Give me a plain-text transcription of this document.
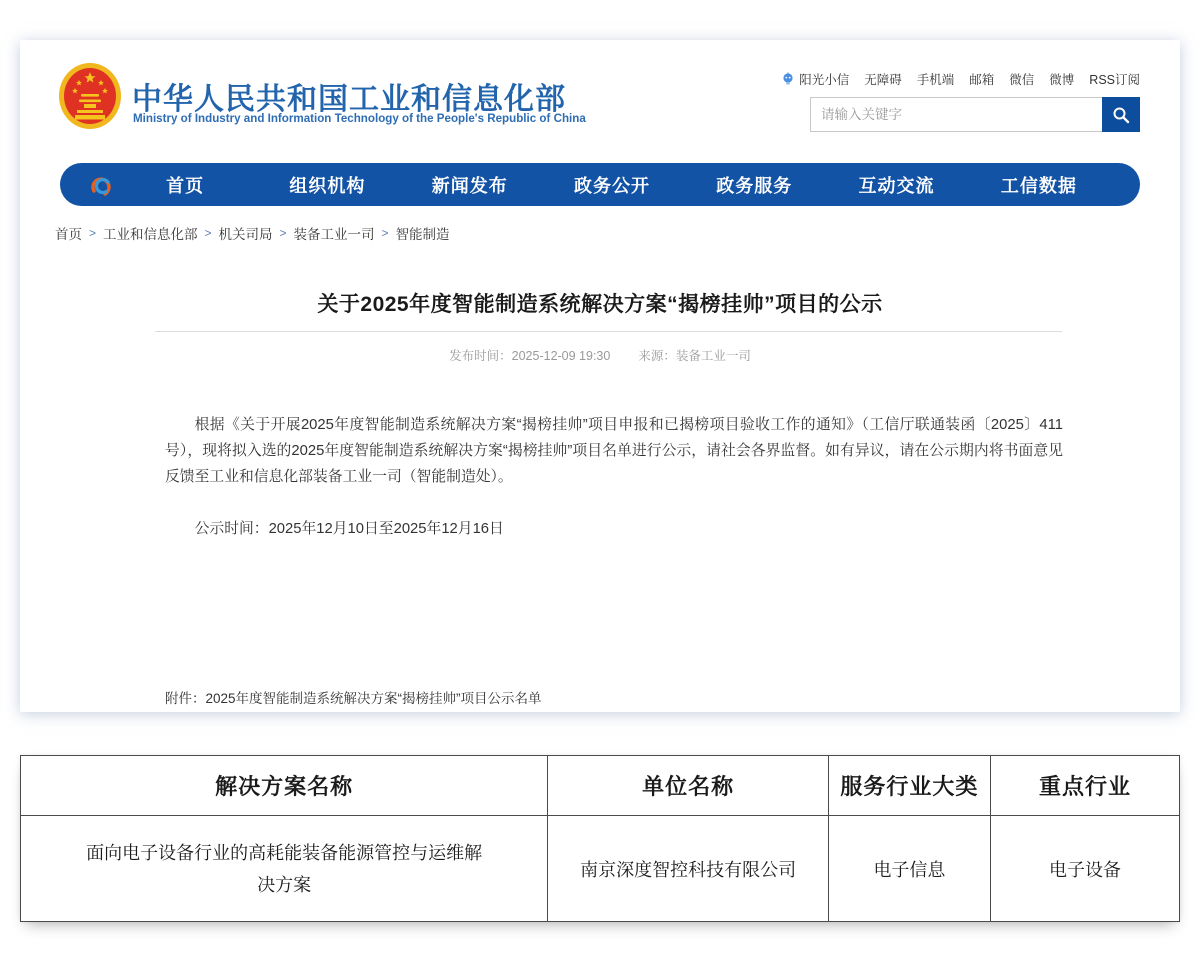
中华人民共和国工业和信息化部
Ministry of Industry and Information Technology of the People's Republic of China
阳光小信 无障碍 手机端 邮箱 微信 微博 RSS订阅
请输入关键字
首页	组织机构	新闻发布	政务公开	政务服务	互动交流	工信数据
首页 > 工业和信息化部 > 机关司局 > 装备工业一司 > 智能制造
关于2025年度智能制造系统解决方案“揭榜挂帅”项目的公示
发布时间：2025-12-09 19:30 来源：装备工业一司
根据《关于开展2025年度智能制造系统解决方案“揭榜挂帅”项目申报和已揭榜项目验收工作的通知》（工信厅联通装函〔2025〕411号），现将拟入选的2025年度智能制造系统解决方案“揭榜挂帅”项目名单进行公示，请社会各界监督。如有异议，请在公示期内将书面意见反馈至工业和信息化部装备工业一司（智能制造处）。
公示时间：2025年12月10日至2025年12月16日
附件：2025年度智能制造系统解决方案“揭榜挂帅”项目公示名单
解决方案名称	单位名称	服务行业大类	重点行业
面向电子设备行业的高耗能装备能源管控与运维解决方案	南京深度智控科技有限公司	电子信息	电子设备
